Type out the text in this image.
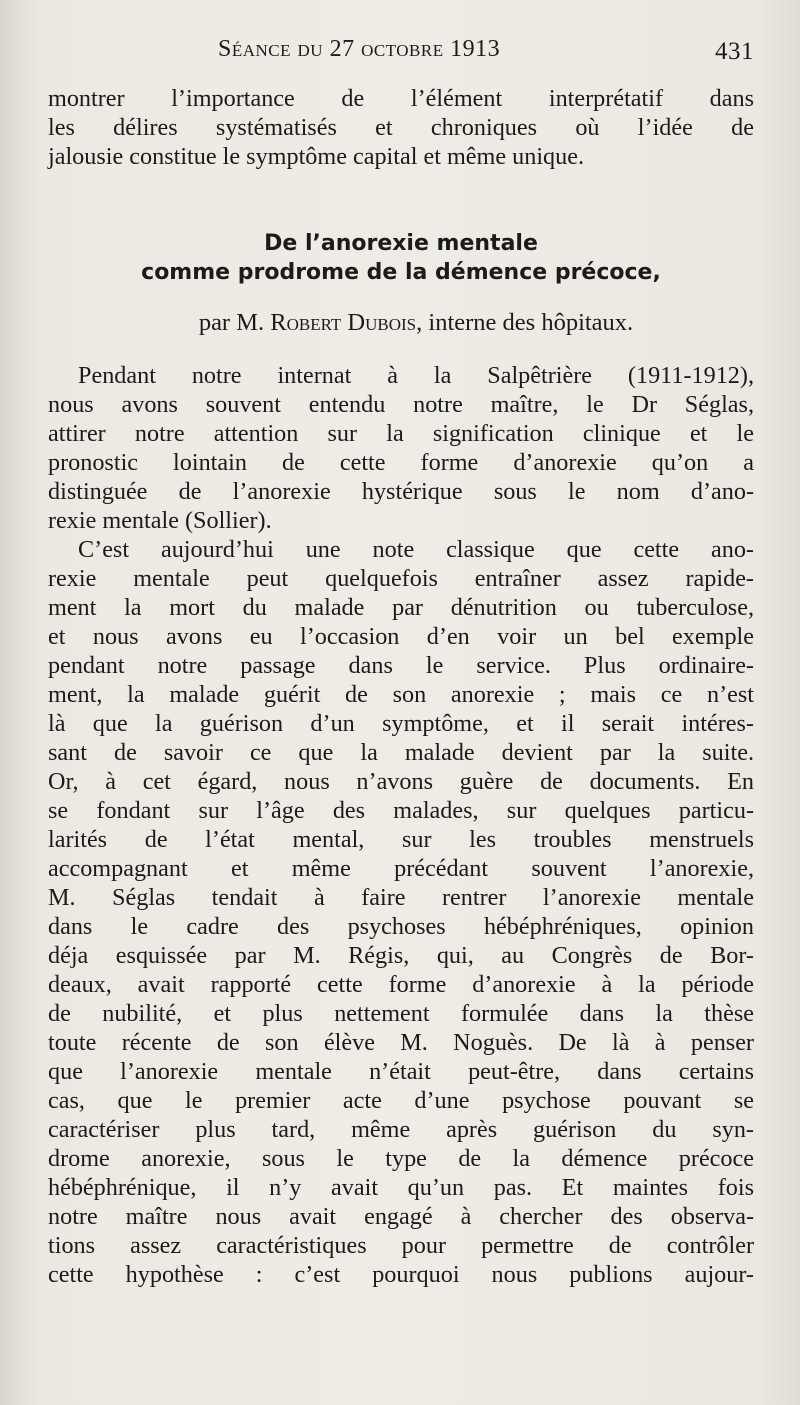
Séance du 27 octobre 1913	431

montrer l’importance de l’élément interprétatif dans

les délires systématisés et chroniques où l’idée de

jalousie constitue le symptôme capital et même unique.

De l’anorexie mentale
comme prodrome de la démence précoce,
par M. Robert Dubois, interne des hôpitaux.

Pendant notre internat à la Salpêtrière (1911-1912),

nous avons souvent entendu notre maître, le Dr Séglas,

attirer notre attention sur la signification clinique et le

pronostic lointain de cette forme d’anorexie qu’on a

distinguée de l’anorexie hystérique sous le nom d’ano-

rexie mentale (Sollier).

C’est aujourd’hui une note classique que cette ano-

rexie mentale peut quelquefois entraîner assez rapide-

ment la mort du malade par dénutrition ou tuberculose,

et nous avons eu l’occasion d’en voir un bel exemple

pendant notre passage dans le service. Plus ordinaire-

ment, la malade guérit de son anorexie ; mais ce n’est

là que la guérison d’un symptôme, et il serait intéres-

sant de savoir ce que la malade devient par la suite.

Or, à cet égard, nous n’avons guère de documents. En

se fondant sur l’âge des malades, sur quelques particu-

larités de l’état mental, sur les troubles menstruels

accompagnant et même précédant souvent l’anorexie,

M. Séglas tendait à faire rentrer l’anorexie mentale

dans le cadre des psychoses hébéphréniques, opinion

déja esquissée par M. Régis, qui, au Congrès de Bor-

deaux, avait rapporté cette forme d’anorexie à la période

de nubilité, et plus nettement formulée dans la thèse

toute récente de son élève M. Noguès. De là à penser

que l’anorexie mentale n’était peut-être, dans certains

cas, que le premier acte d’une psychose pouvant se

caractériser plus tard, même après guérison du syn-

drome anorexie, sous le type de la démence précoce

hébéphrénique, il n’y avait qu’un pas. Et maintes fois

notre maître nous avait engagé à chercher des observa-

tions assez caractéristiques pour permettre de contrôler

cette hypothèse : c’est pourquoi nous publions aujour-
